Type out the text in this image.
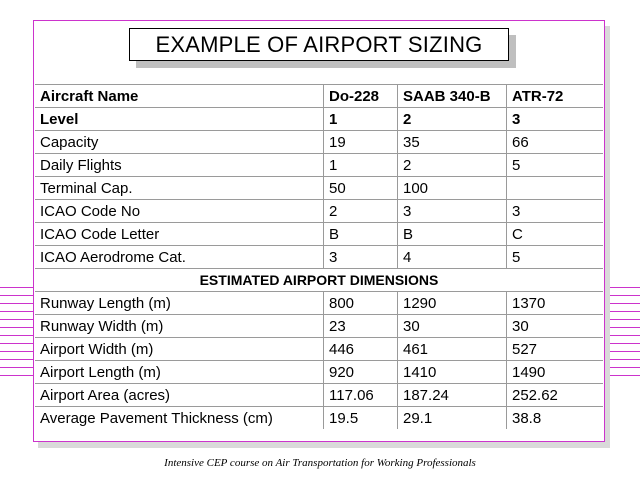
EXAMPLE OF AIRPORT SIZING
Aircraft Name	Do-228	SAAB 340-B	ATR-72
Level	1	2	3
Capacity	19	35	66
Daily Flights	1	2	5
Terminal Cap.	50	100	
ICAO Code No	2	3	3
ICAO Code Letter	B	B	C
ICAO Aerodrome Cat.	3	4	5
ESTIMATED AIRPORT DIMENSIONS			
Runway Length (m)	800	1290	1370
Runway Width (m)	23	30	30
Airport Width (m)	446	461	527
Airport Length (m)	920	1410	1490
Airport Area (acres)	117.06	187.24	252.62
Average Pavement Thickness (cm)	19.5	29.1	38.8
Intensive CEP course on Air Transportation for Working Professionals
